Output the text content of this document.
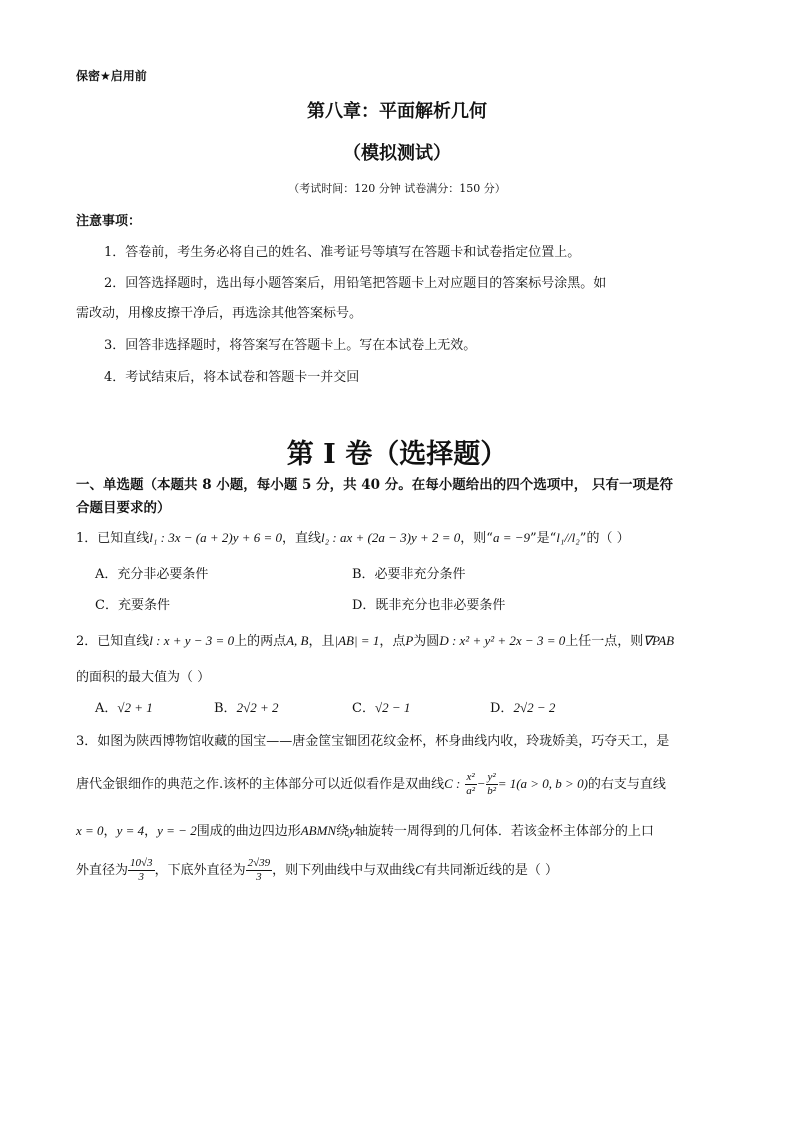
保密★启用前
第八章：平面解析几何
（模拟测试）
（考试时间：120 分钟 试卷满分：150 分）
注意事项：
1．答卷前，考生务必将自己的姓名、准考证号等填写在答题卡和试卷指定位置上。
2．回答选择题时，选出每小题答案后，用铅笔把答题卡上对应题目的答案标号涂黑。如
需改动，用橡皮擦干净后，再选涂其他答案标号。
3．回答非选择题时，将答案写在答题卡上。写在本试卷上无效。
4．考试结束后，将本试卷和答题卡一并交回
第 I 卷（选择题）
一、单选题（本题共 8 小题，每小题 5 分，共 40 分。在每小题给出的四个选项中， 只有一项是符
合题目要求的）
1．已知直线l₁ : 3x − (a + 2)y + 6 = 0，直线l₂ : ax + (2a − 3)y + 2 = 0，则“a = −9”是“l₁//l₂”的（ ）
A．充分非必要条件	B．必要非充分条件
C．充要条件	D．既非充分也非必要条件
2．已知直线l : x + y − 3 = 0上的两点A, B，且|AB| = 1，点P为圆D : x² + y² + 2x − 3 = 0上任一点，则∇PAB
的面积的最大值为（ ）
A．√2 + 1	B．2√2 + 2	C．√2 − 1	D．2√2 − 2
3．如图为陕西博物馆收藏的国宝——唐金筐宝钿团花纹金杯，杯身曲线内收，玲珑娇美，巧夺天工，是
唐代金银细作的典范之作.该杯的主体部分可以近似看作是双曲线C : $\frac{\text{x²}}{\text{a²}} - \frac{\text{y²}}{\text{b²}} = 1(a > 0$, b > 0)的右支与直线
x = 0，y = 4，y = − 2围成的曲边四边形ABMN绕y轴旋转一周得到的几何体．若该金杯主体部分的上口
外直径为 $\frac{10√3}{3}$ ，下底外直径为 $\frac{2√39}{3}$ ，则下列曲线中与双曲线C有共同渐近线的是（ ）
